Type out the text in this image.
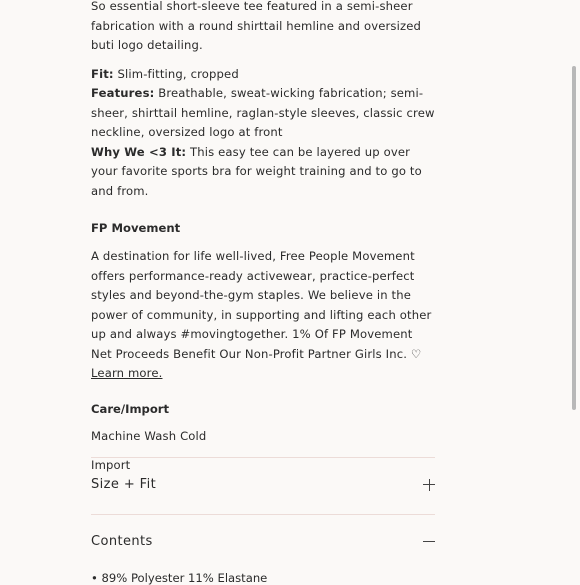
So essential short-sleeve tee featured in a semi-sheer fabrication with a round shirttail hemline and oversized buti logo detailing.

Fit: Slim-fitting, cropped

Features: Breathable, sweat-wicking fabrication; semi-sheer, shirttail hemline, raglan-style sleeves, classic crew neckline, oversized logo at front

Why We <3 It: This easy tee can be layered up over your favorite sports bra for weight training and to go to and from.

FP Movement

A destination for life well-lived, Free People Movement offers performance-ready activewear, practice-perfect styles and beyond-the-gym staples. We believe in the power of community, in supporting and lifting each other up and always #movingtogether. 1% Of FP Movement Net Proceeds Benefit Our Non-Profit Partner Girls Inc. ♡ Learn more.

Care/Import

Machine Wash Cold

Import

Size + Fit
Contents
• 89% Polyester 11% Elastane
